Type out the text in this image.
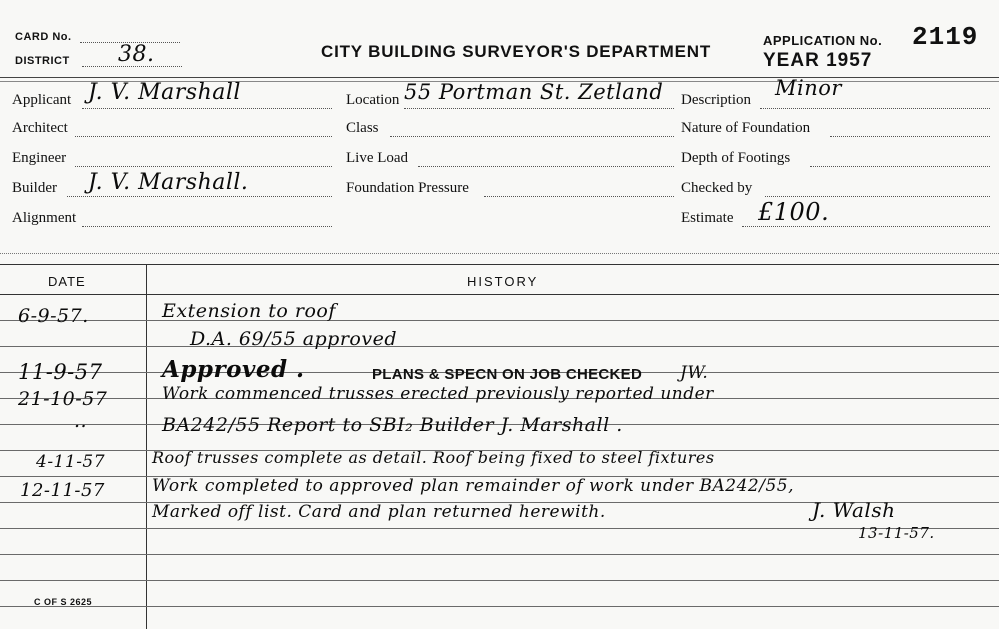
CARD No.
DISTRICT 38.	CITY BUILDING SURVEYOR'S DEPARTMENT
APPLICATION No. 2119
YEAR 1957
Applicant J. V. Marshall
Architect
Engineer
Builder J. V. Marshall.
Alignment
Location 55 Portman St. Zetland
Class
Live Load
Foundation Pressure
Description Minor
Nature of Foundation
Depth of Footings
Checked by
Estimate £100.
DATE	HISTORY
6-9-57.	Extension to roof
D.A. 69/55 approved
11-9-57	Approved .	PLANS & SPECN ON JOB CHECKED JW.
21-10-57	Work commenced trusses erected previously reported under
..	BA242/55 Report to SBI₂ Builder J. Marshall .
4-11-57	Roof trusses complete as detail. Roof being fixed to steel fixtures
12-11-57	Work completed to approved plan remainder of work under BA242/55,
Marked off list. Card and plan returned herewith.	J. Walsh
13-11-57.
C OF S 2625
